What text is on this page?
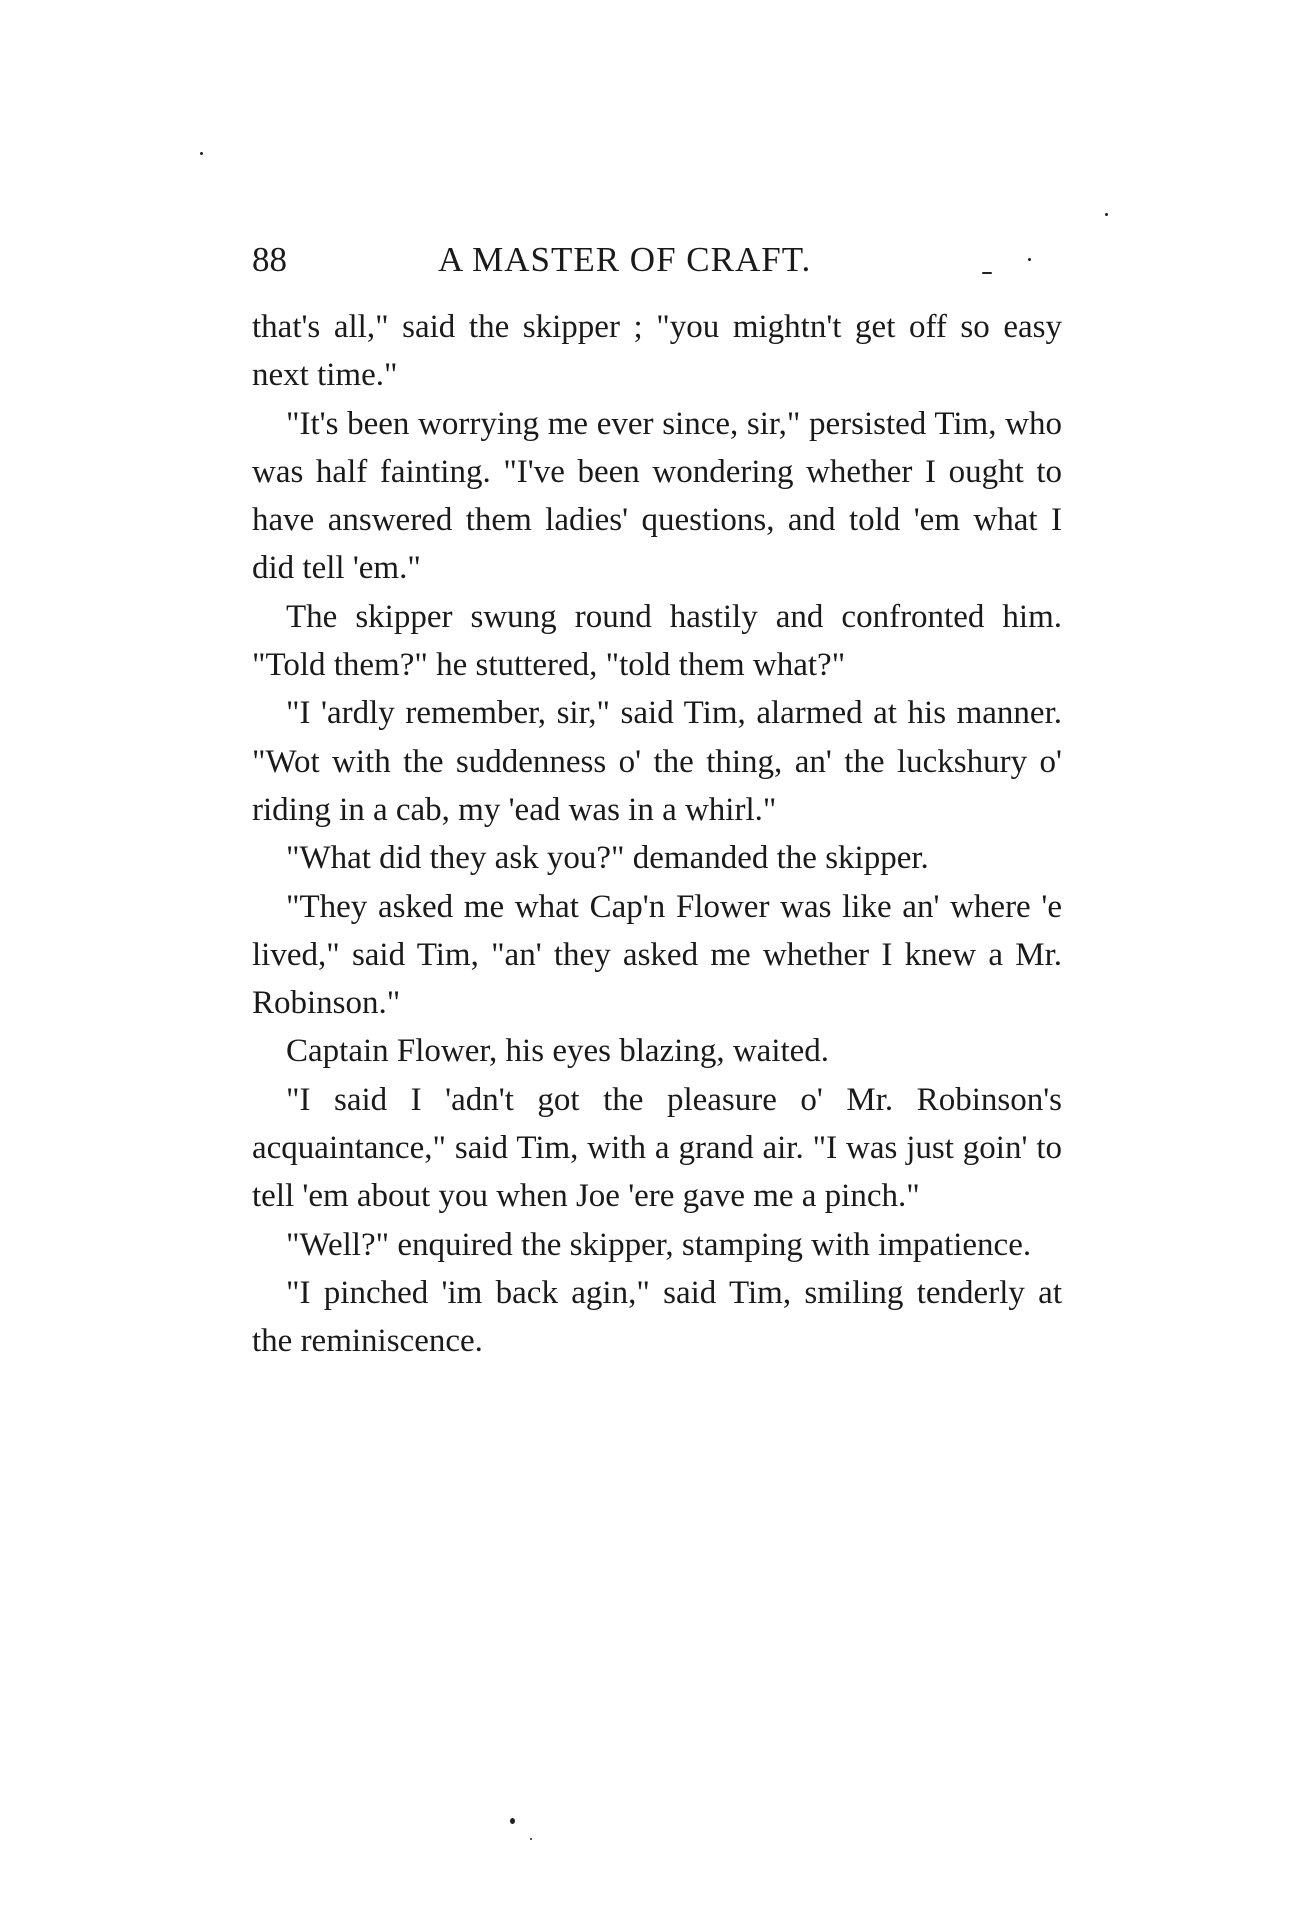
88	A MASTER OF CRAFT.

that's all," said the skipper ; "you mightn't get off so easy next time."

"It's been worrying me ever since, sir," persisted Tim, who was half fainting. "I've been wondering whether I ought to have answered them ladies' questions, and told 'em what I did tell 'em."

The skipper swung round hastily and confronted him. "Told them?" he stuttered, "told them what?"

"I 'ardly remember, sir," said Tim, alarmed at his manner. "Wot with the suddenness o' the thing, an' the luckshury o' riding in a cab, my 'ead was in a whirl."

"What did they ask you?" demanded the skipper.

"They asked me what Cap'n Flower was like an' where 'e lived," said Tim, "an' they asked me whether I knew a Mr. Robinson."

Captain Flower, his eyes blazing, waited.

"I said I 'adn't got the pleasure o' Mr. Robinson's acquaintance," said Tim, with a grand air. "I was just goin' to tell 'em about you when Joe 'ere gave me a pinch."

"Well?" enquired the skipper, stamping with impatience.

"I pinched 'im back agin," said Tim, smiling tenderly at the reminiscence.
